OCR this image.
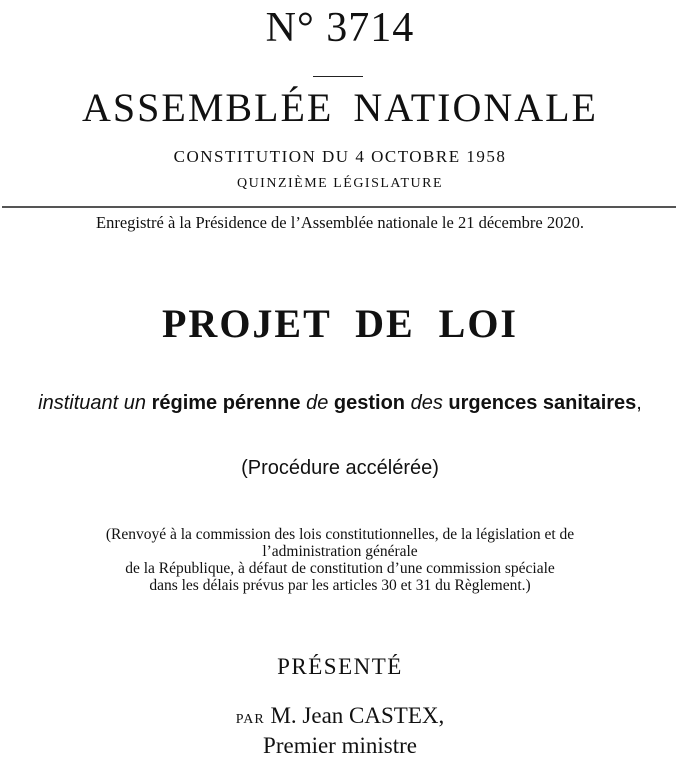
N° 3714
ASSEMBLÉE NATIONALE
CONSTITUTION DU 4 OCTOBRE 1958
QUINZIÈME LÉGISLATURE
Enregistré à la Présidence de l’Assemblée nationale le 21 décembre 2020.
PROJET DE LOI
instituant un régime pérenne de gestion des urgences sanitaires,
(Procédure accélérée)
(Renvoyé à la commission des lois constitutionnelles, de la législation et de
l’administration générale
de la République, à défaut de constitution d’une commission spéciale
dans les délais prévus par les articles 30 et 31 du Règlement.)
PRÉSENTÉ
PAR M. Jean CASTEX,
Premier ministre
